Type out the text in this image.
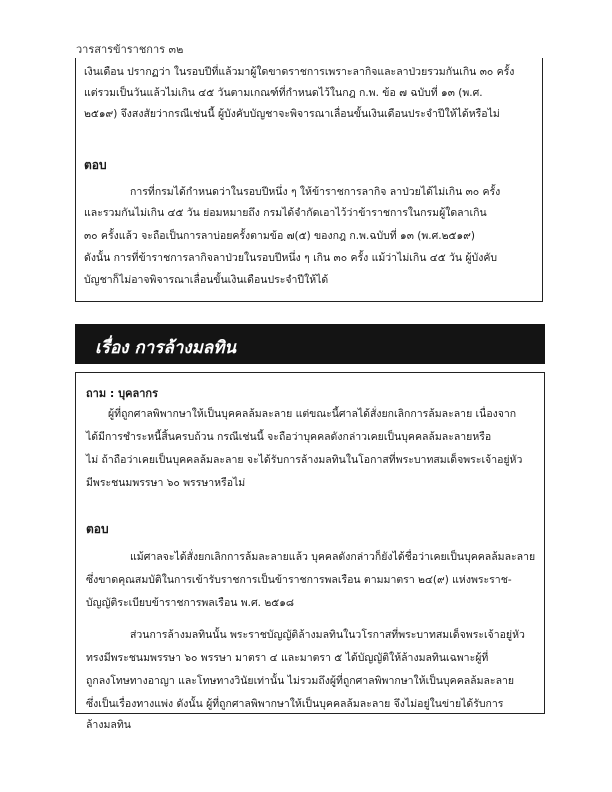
วารสารข้าราชการ ๓๒
เงินเดือน ปรากฏว่า ในรอบปีที่แล้วมาผู้ใดขาดราชการเพราะลากิจและลาป่วยรวมกันเกิน ๓๐ ครั้ง
แต่รวมเป็นวันแล้วไม่เกิน ๔๕ วันตามเกณฑ์ที่กำหนดไว้ในกฎ ก.พ. ข้อ ๗ ฉบับที่ ๑๓ (พ.ศ.
๒๕๑๙) จึงสงสัยว่ากรณีเช่นนี้ ผู้บังคับบัญชาจะพิจารณาเลื่อนขั้นเงินเดือนประจำปีให้ได้หรือไม่
ตอบ
การที่กรมได้กำหนดว่าในรอบปีหนึ่ง ๆ ให้ข้าราชการลากิจ ลาป่วยได้ไม่เกิน ๓๐ ครั้ง
และรวมกันไม่เกิน ๔๕ วัน ย่อมหมายถึง กรมได้จำกัดเอาไว้ว่าข้าราชการในกรมผู้ใดลาเกิน
๓๐ ครั้งแล้ว จะถือเป็นการลาบ่อยครั้งตามข้อ ๗(๕) ของกฎ ก.พ.ฉบับที่ ๑๓ (พ.ศ.๒๕๑๙)
ดังนั้น การที่ข้าราชการลากิจลาป่วยในรอบปีหนึ่ง ๆ เกิน ๓๐ ครั้ง แม้ว่าไม่เกิน ๔๕ วัน ผู้บังคับ
บัญชาก็ไม่อาจพิจารณาเลื่อนขั้นเงินเดือนประจำปีให้ได้
เรื่อง การล้างมลทิน
ถาม : บุคลากร
ผู้ที่ถูกศาลพิพากษาให้เป็นบุคคลล้มละลาย แต่ขณะนี้ศาลได้สั่งยกเลิกการล้มละลาย เนื่องจาก
ได้มีการชำระหนี้สิ้นครบถ้วน กรณีเช่นนี้ จะถือว่าบุคคลดังกล่าวเคยเป็นบุคคลล้มละลายหรือ
ไม่ ถ้าถือว่าเคยเป็นบุคคลล้มละลาย จะได้รับการล้างมลทินในโอกาสที่พระบาทสมเด็จพระเจ้าอยู่หัว
มีพระชนมพรรษา ๖๐ พรรษาหรือไม่
ตอบ
แม้ศาลจะได้สั่งยกเลิกการล้มละลายแล้ว บุคคลดังกล่าวก็ยังได้ชื่อว่าเคยเป็นบุคคลล้มละลาย
ซึ่งขาดคุณสมบัติในการเข้ารับราชการเป็นข้าราชการพลเรือน ตามมาตรา ๒๔(๙) แห่งพระราช-
บัญญัติระเบียบข้าราชการพลเรือน พ.ศ. ๒๕๑๘
ส่วนการล้างมลทินนั้น พระราชบัญญัติล้างมลทินในวโรกาสที่พระบาทสมเด็จพระเจ้าอยู่หัว
ทรงมีพระชนมพรรษา ๖๐ พรรษา มาตรา ๔ และมาตรา ๕ ได้บัญญัติให้ล้างมลทินเฉพาะผู้ที่
ถูกลงโทษทางอาญา และโทษทางวินัยเท่านั้น ไม่รวมถึงผู้ที่ถูกศาลพิพากษาให้เป็นบุคคลล้มละลาย
ซึ่งเป็นเรื่องทางแพ่ง ดังนั้น ผู้ที่ถูกศาลพิพากษาให้เป็นบุคคลล้มละลาย จึงไม่อยู่ในข่ายได้รับการ
ล้างมลทิน
